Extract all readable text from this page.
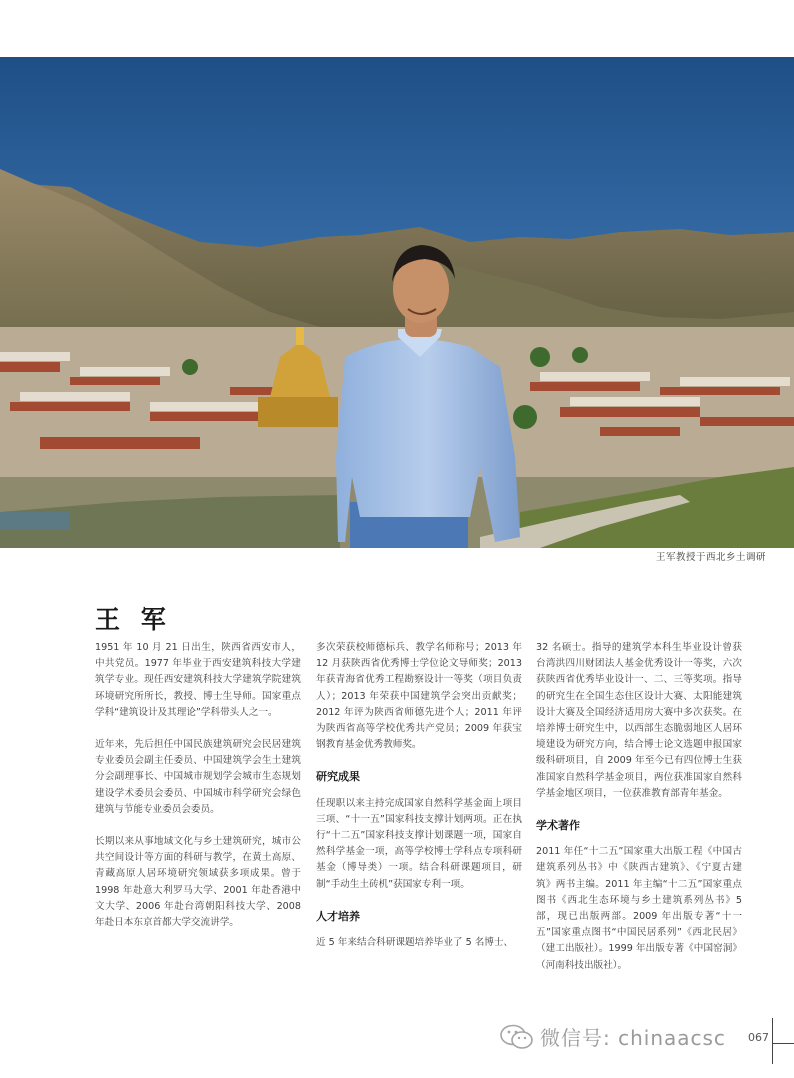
王军教授于西北乡土调研
王 军

1951 年 10 月 21 日出生，陕西省西安市人，中共党员。1977 年毕业于西安建筑科技大学建筑学专业。现任西安建筑科技大学建筑学院建筑环境研究所所长，教授、博士生导师。国家重点学科“建筑设计及其理论”学科带头人之一。

近年来，先后担任中国民族建筑研究会民居建筑专业委员会副主任委员、中国建筑学会生土建筑分会副理事长、中国城市规划学会城市生态规划建设学术委员会委员、中国城市科学研究会绿色建筑与节能专业委员会委员。

长期以来从事地域文化与乡土建筑研究，城市公共空间设计等方面的科研与教学，在黄土高原、青藏高原人居环境研究领域获多项成果。曾于 1998 年赴意大利罗马大学、2001 年赴香港中文大学、2006 年赴台湾朝阳科技大学、2008 年赴日本东京首都大学交流讲学。

多次荣获校师德标兵、教学名师称号；2013 年 12 月获陕西省优秀博士学位论文导师奖；2013 年获青海省优秀工程勘察设计一等奖（项目负责人）；2013 年荣获中国建筑学会突出贡献奖；2012 年评为陕西省师德先进个人；2011 年评为陕西省高等学校优秀共产党员；2009 年获宝钢教育基金优秀教师奖。

研究成果

任现职以来主持完成国家自然科学基金面上项目三项、“十一五”国家科技支撑计划两项。正在执行“十二五”国家科技支撑计划课题一项，国家自然科学基金一项，高等学校博士学科点专项科研基金（博导类）一项。结合科研课题项目，研制“手动生土砖机”获国家专利一项。

人才培养

近 5 年来结合科研课题培养毕业了 5 名博士、

32 名硕士。指导的建筑学本科生毕业设计曾获台湾洪四川财团法人基金优秀设计一等奖，六次获陕西省优秀毕业设计一、二、三等奖项。指导的研究生在全国生态住区设计大赛、太阳能建筑设计大赛及全国经济适用房大赛中多次获奖。在培养博士研究生中，以西部生态脆弱地区人居环境建设为研究方向，结合博士论文选题申报国家级科研项目，自 2009 年至今已有四位博士生获准国家自然科学基金项目，两位获准国家自然科学基金地区项目，一位获准教育部青年基金。

学术著作

2011 年任“十二五”国家重大出版工程《中国古建筑系列丛书》中《陕西古建筑》、《宁夏古建筑》两书主编。2011 年主编“十二五”国家重点图书《西北生态环境与乡土建筑系列丛书》5 部，现已出版两部。2009 年出版专著“十一五”国家重点图书“中国民居系列”《西北民居》（建工出版社）。1999 年出版专著《中国窑洞》（河南科技出版社）。

微信号: chinaacsc 067
